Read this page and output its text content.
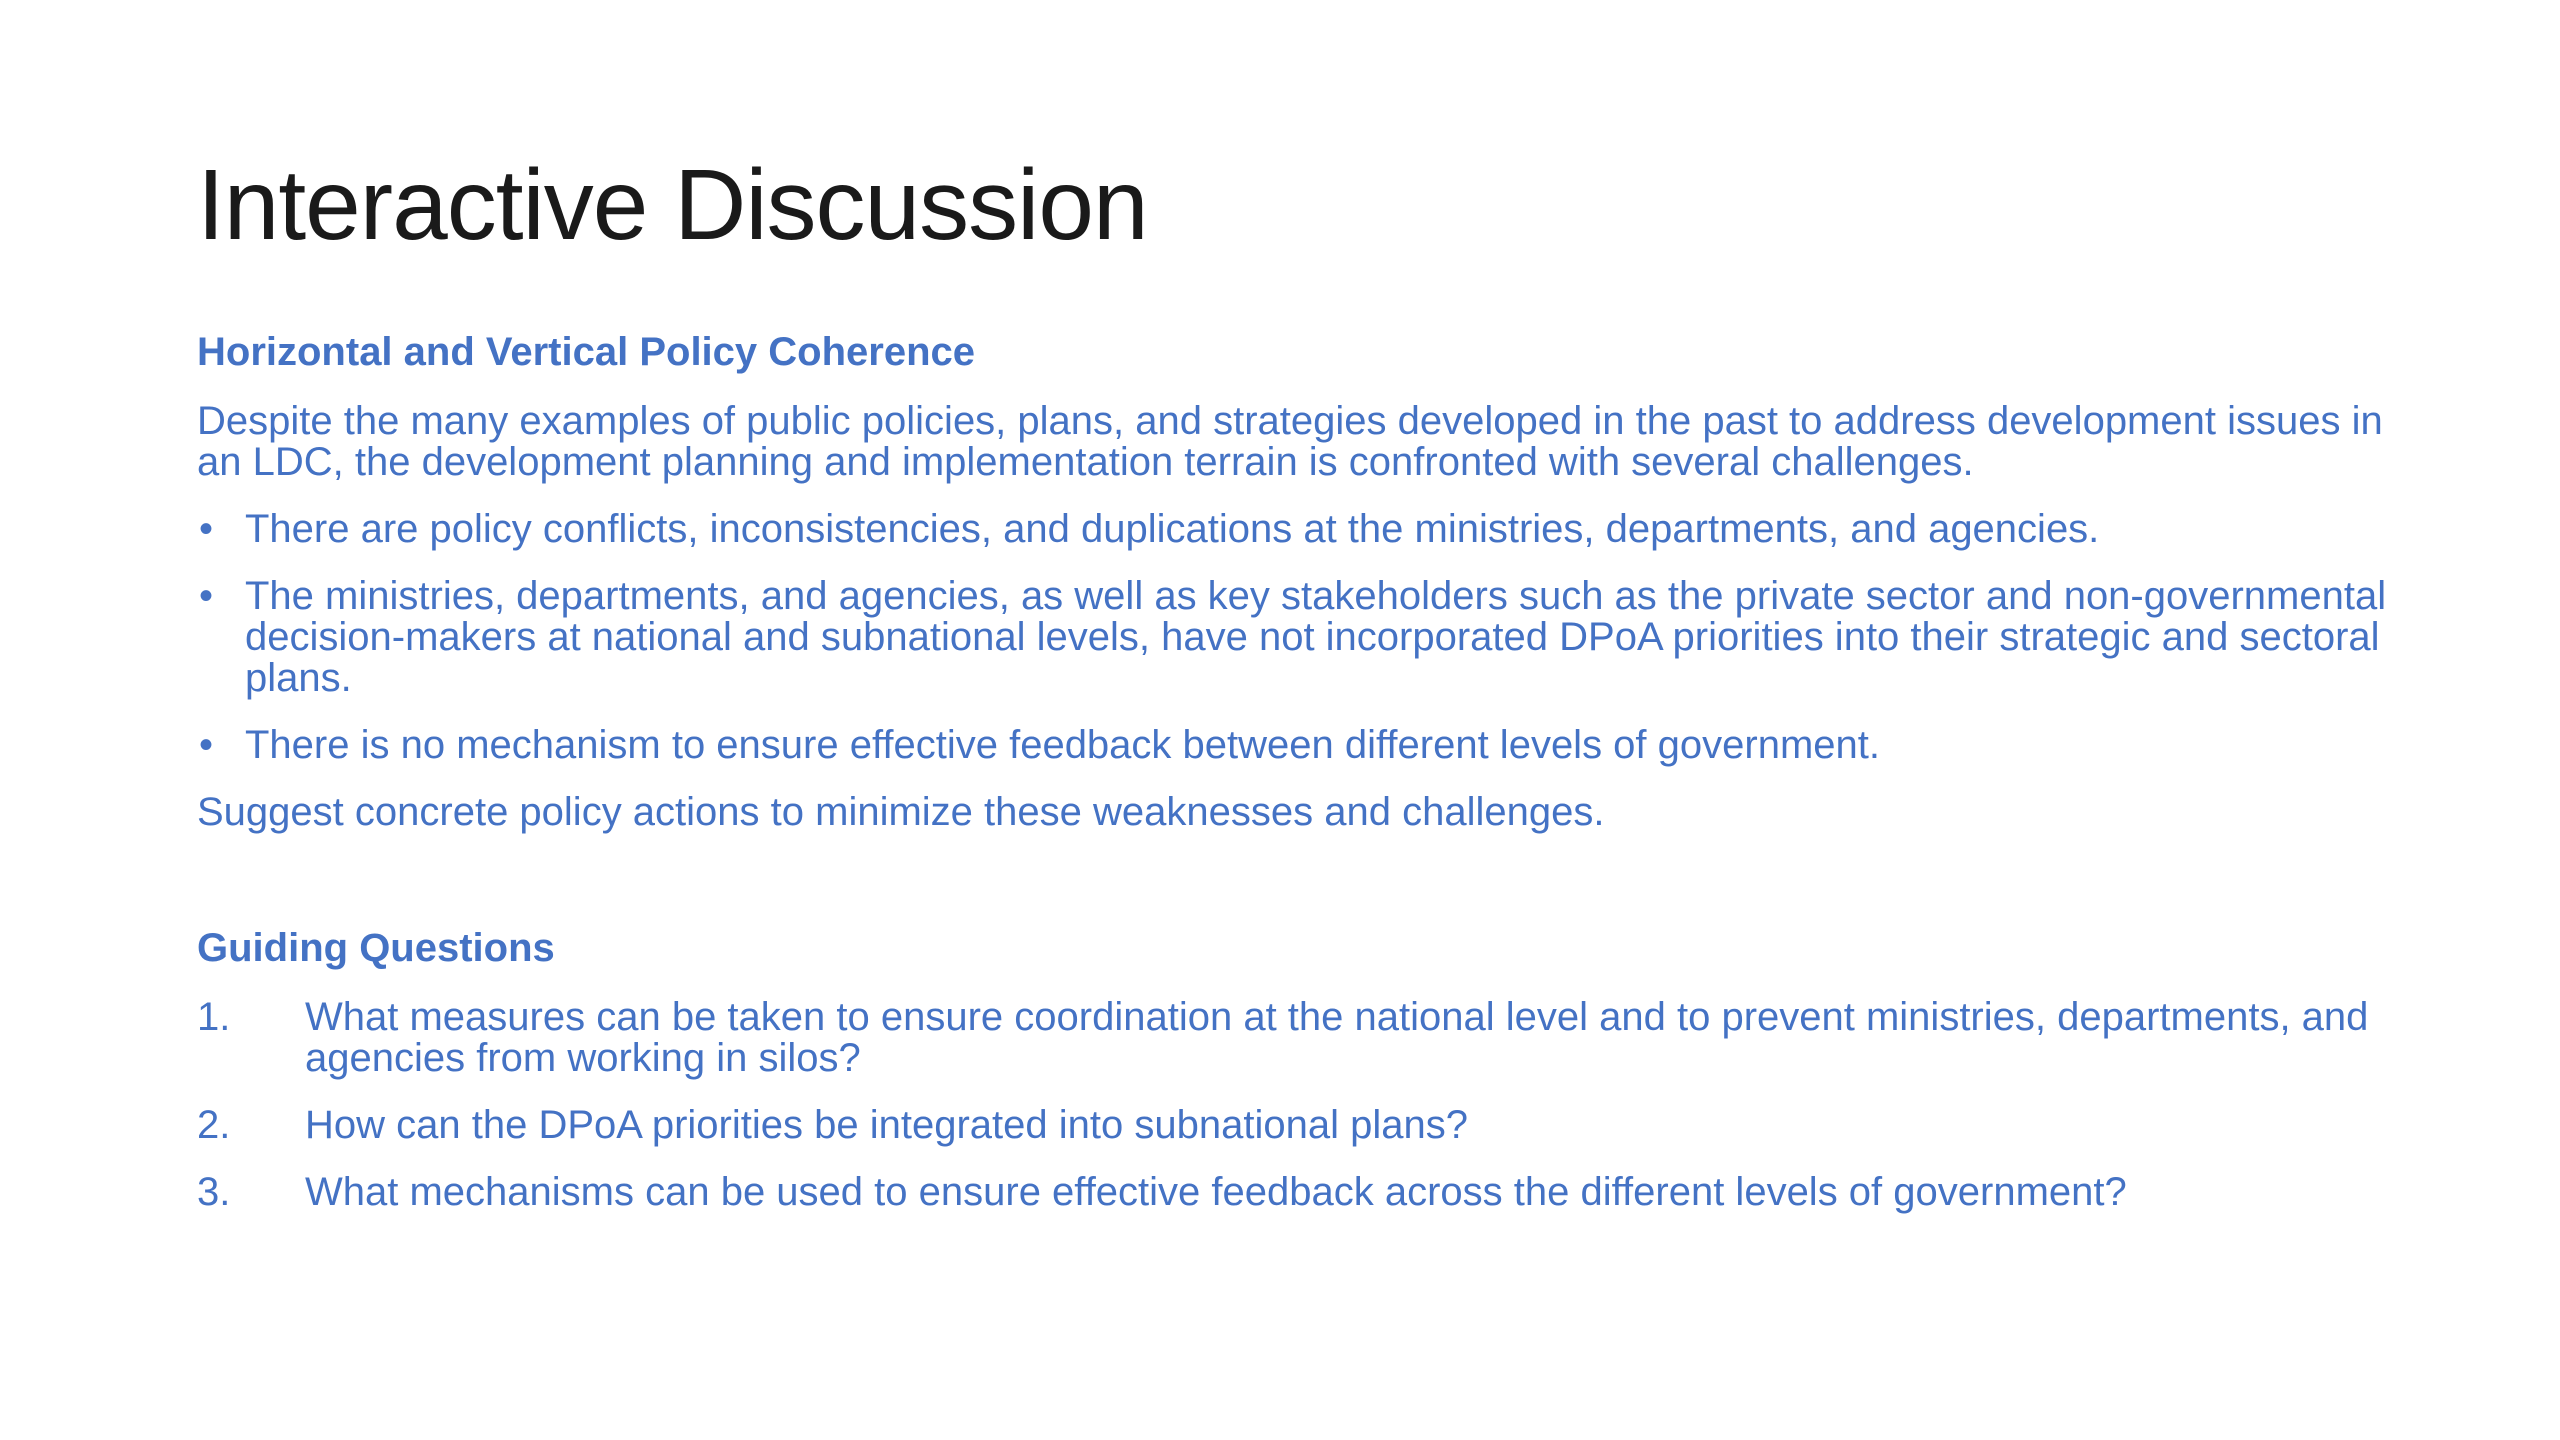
Interactive Discussion
Horizontal and Vertical Policy Coherence
Despite the many examples of public policies, plans, and strategies developed in the past to address development issues in an LDC, the development planning and implementation terrain is confronted with several challenges.
• There are policy conflicts, inconsistencies, and duplications at the ministries, departments, and agencies.
• The ministries, departments, and agencies, as well as key stakeholders such as the private sector and non-governmental decision-makers at national and subnational levels, have not incorporated DPoA priorities into their strategic and sectoral plans.
• There is no mechanism to ensure effective feedback between different levels of government.
Suggest concrete policy actions to minimize these weaknesses and challenges.
Guiding Questions
1. What measures can be taken to ensure coordination at the national level and to prevent ministries, departments, and agencies from working in silos?
2. How can the DPoA priorities be integrated into subnational plans?
3. What mechanisms can be used to ensure effective feedback across the different levels of government?
